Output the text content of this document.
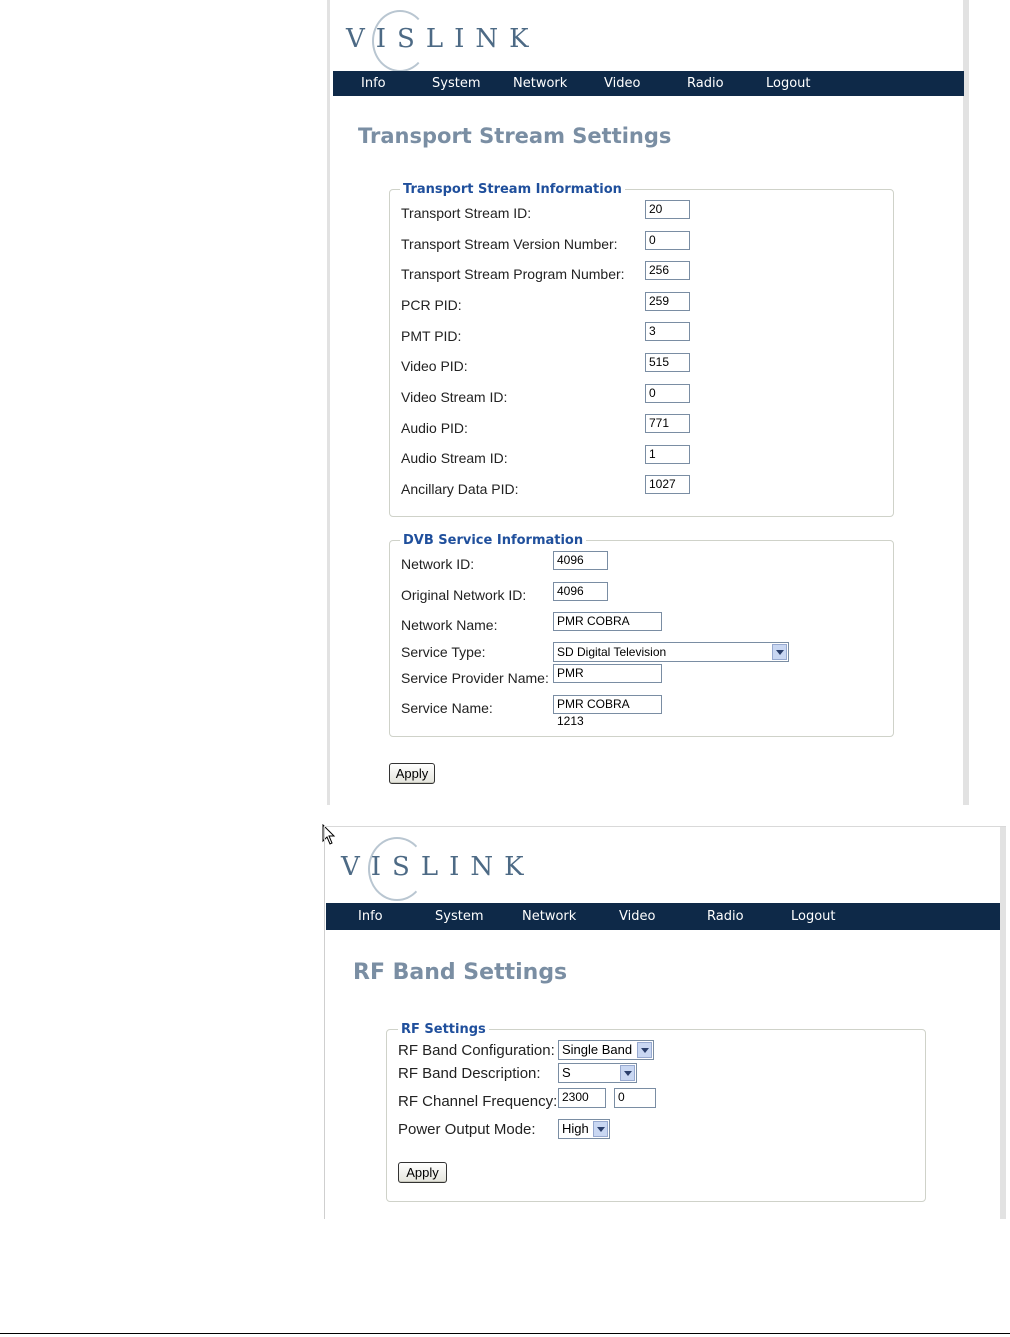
VISLINK
Info	System	Network	Video	Radio	Logout
Transport Stream Settings
Transport Stream Information
Transport Stream ID:	20
Transport Stream Version Number:	0
Transport Stream Program Number:	256
PCR PID:	259
PMT PID:	3
Video PID:	515
Video Stream ID:	0
Audio PID:	771
Audio Stream ID:	1
Ancillary Data PID:	1027
DVB Service Information
Network ID:	4096
Original Network ID:	4096
Network Name:	PMR COBRA
Service Type:	SD Digital Television
Service Provider Name: PMR
Service Name:	PMR COBRA 1213
Apply
VISLINK
Info	System	Network	Video	Radio	Logout
RF Band Settings
RF Settings
RF Band Configuration: Single Band
RF Band Description:	S
RF Channel Frequency: 2300	0
Power Output Mode:	High
Apply
